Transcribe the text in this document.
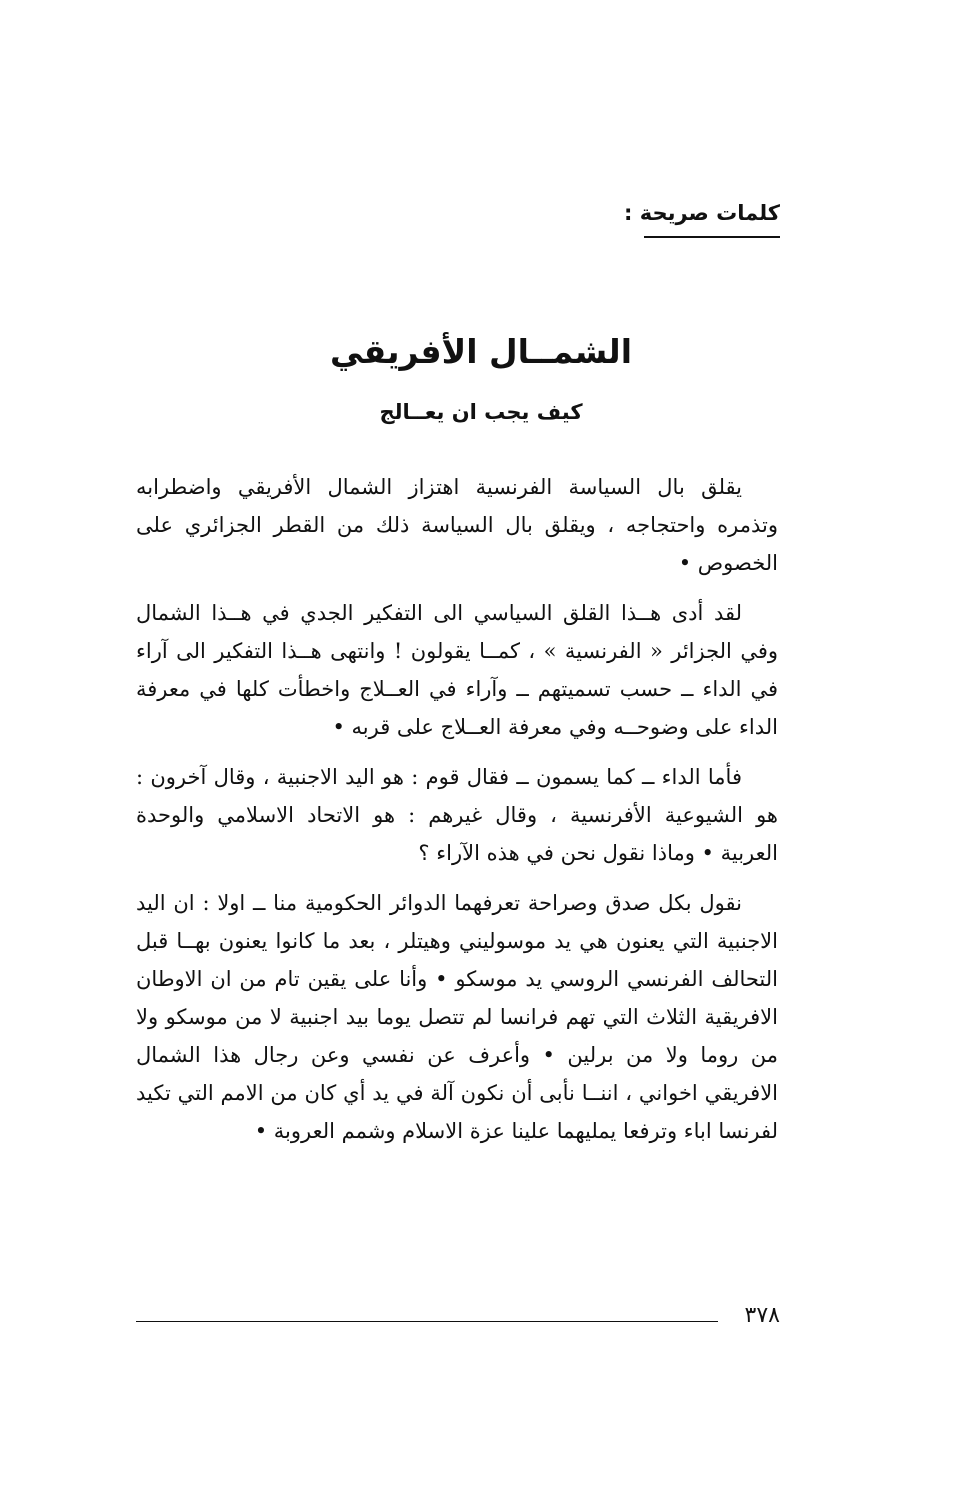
كلمات صريحة :
الشمــال الأفريقي
كيف يجب ان يعــالج

يقلق بال السياسة الفرنسية اهتزاز الشمال الأفريقي واضطرابه وتذمره واحتجاجه ، ويقلق بال السياسة ذلك من القطر الجزائري على الخصوص •

لقد أدى هــذا القلق السياسي الى التفكير الجدي في هــذا الشمال وفي الجزائر « الفرنسية » ، كمــا يقولون ! وانتهى هــذا التفكير الى آراء في الداء ــ حسب تسميتهم ــ وآراء في العــلاج واخطأت كلها في معرفة الداء على وضوحــه وفي معرفة العــلاج على قربه •

فأما الداء ــ كما يسمون ــ فقال قوم : هو اليد الاجنبية ، وقال آخرون : هو الشيوعية الأفرنسية ، وقال غيرهم : هو الاتحاد الاسلامي والوحدة العربية • وماذا نقول نحن في هذه الآراء ؟

نقول بكل صدق وصراحة تعرفهما الدوائر الحكومية منا ــ اولا : ان اليد الاجنبية التي يعنون هي يد موسوليني وهيتلر ، بعد ما كانوا يعنون بهــا قبل التحالف الفرنسي الروسي يد موسكو • وأنا على يقين تام من ان الاوطان الافريقية الثلاث التي تهم فرانسا لم تتصل يوما بيد اجنبية لا من موسكو ولا من روما ولا من برلين • وأعرف عن نفسي وعن رجال هذا الشمال الافريقي اخواني ، اننــا نأبى أن نكون آلة في يد أي كان من الامم التي تكيد لفرنسا اباء وترفعا يمليهما علينا عزة الاسلام وشمم العروبة •

٣٧٨
